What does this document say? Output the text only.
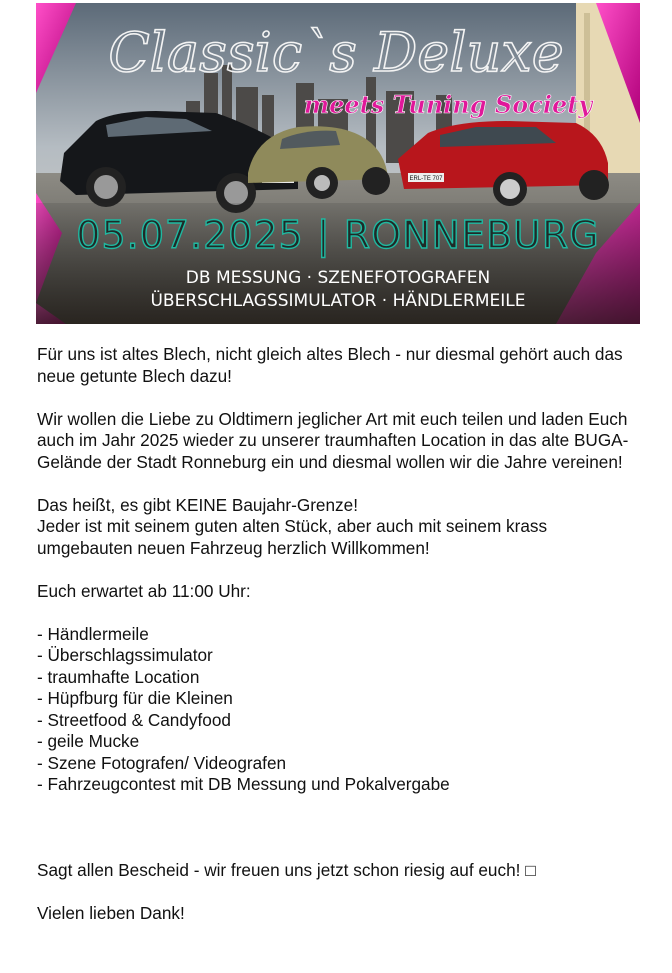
ERL-TE 707
Classic`s Deluxe
meets Tuning Society
05.07.2025 | RONNEBURG
DB MESSUNG · SZENEFOTOGRAFEN
ÜBERSCHLAGSSIMULATOR · HÄNDLERMEILE

Für uns ist altes Blech, nicht gleich altes Blech - nur diesmal gehört auch das neue getunte Blech dazu!

Wir wollen die Liebe zu Oldtimern jeglicher Art mit euch teilen und laden Euch auch im Jahr 2025 wieder zu unserer traumhaften Location in das alte BUGA-Gelände der Stadt Ronneburg ein und diesmal wollen wir die Jahre vereinen!

Das heißt, es gibt KEINE Baujahr-Grenze!

Jeder ist mit seinem guten alten Stück, aber auch mit seinem krass umgebauten neuen Fahrzeug herzlich Willkommen!

Euch erwartet ab 11:00 Uhr:

- Händlermeile
- Überschlagssimulator
- traumhafte Location
- Hüpfburg für die Kleinen
- Streetfood & Candyfood
- geile Mucke
- Szene Fotografen/ Videografen
- Fahrzeugcontest mit DB Messung und Pokalvergabe

Sagt allen Bescheid - wir freuen uns jetzt schon riesig auf euch! □

Vielen lieben Dank!
